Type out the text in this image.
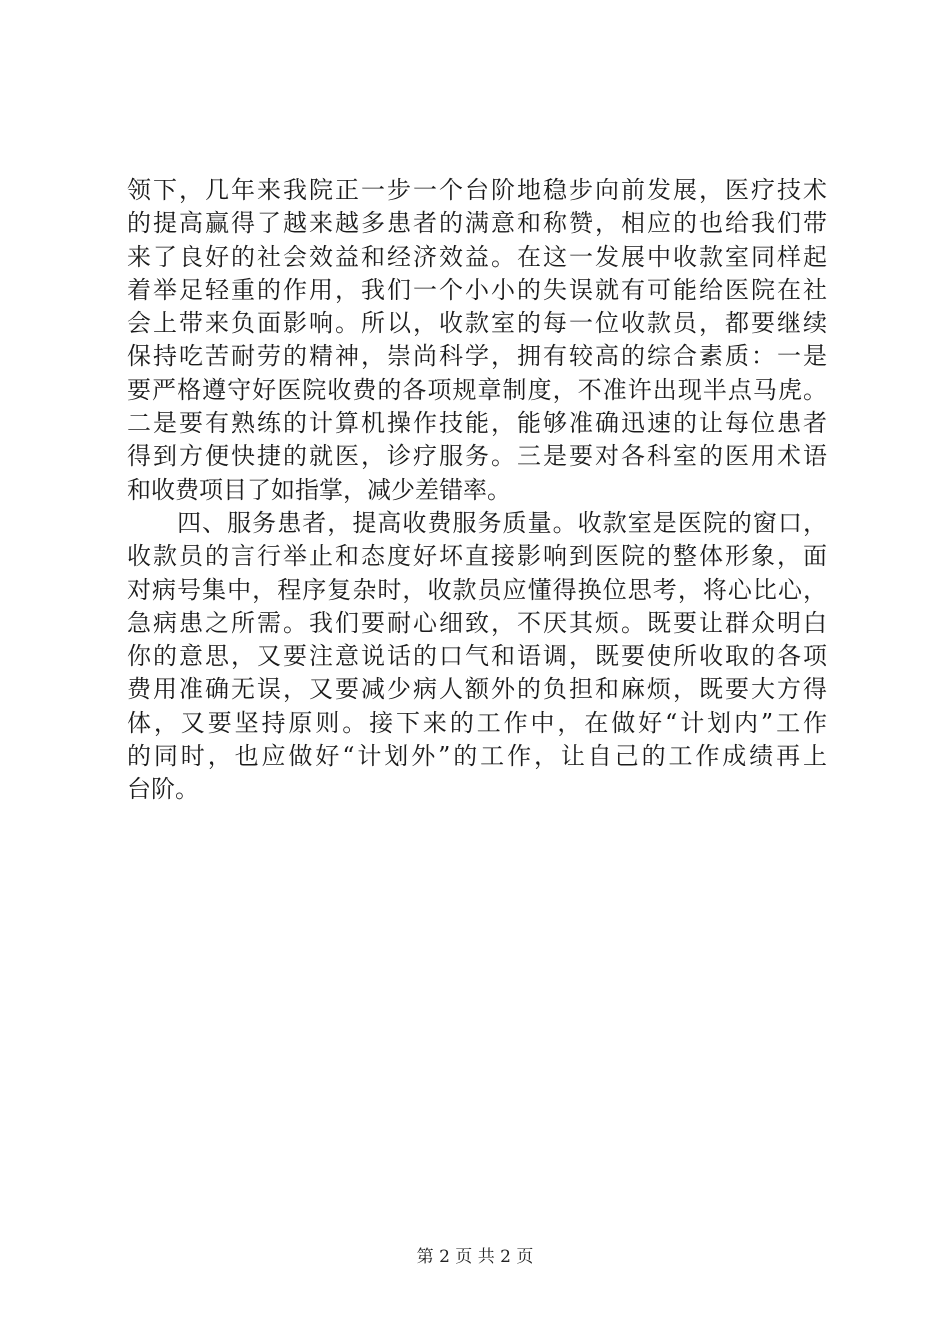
领下，几年来我院正一步一个台阶地稳步向前发展，医疗技术
的提高赢得了越来越多患者的满意和称赞，相应的也给我们带
来了良好的社会效益和经济效益。在这一发展中收款室同样起
着举足轻重的作用，我们一个小小的失误就有可能给医院在社
会上带来负面影响。所以，收款室的每一位收款员，都要继续
保持吃苦耐劳的精神，崇尚科学，拥有较高的综合素质：一是
要严格遵守好医院收费的各项规章制度，不准许出现半点马虎。
二是要有熟练的计算机操作技能，能够准确迅速的让每位患者
得到方便快捷的就医，诊疗服务。三是要对各科室的医用术语
和收费项目了如指掌，减少差错率。
　　四、服务患者，提高收费服务质量。收款室是医院的窗口，
收款员的言行举止和态度好坏直接影响到医院的整体形象，面
对病号集中，程序复杂时，收款员应懂得换位思考，将心比心，
急病患之所需。我们要耐心细致，不厌其烦。既要让群众明白
你的意思，又要注意说话的口气和语调，既要使所收取的各项
费用准确无误，又要减少病人额外的负担和麻烦，既要大方得
体，又要坚持原则。接下来的工作中，在做好“计划内”工作
的同时，也应做好“计划外”的工作，让自己的工作成绩再上
台阶。
第 2 页 共 2 页
